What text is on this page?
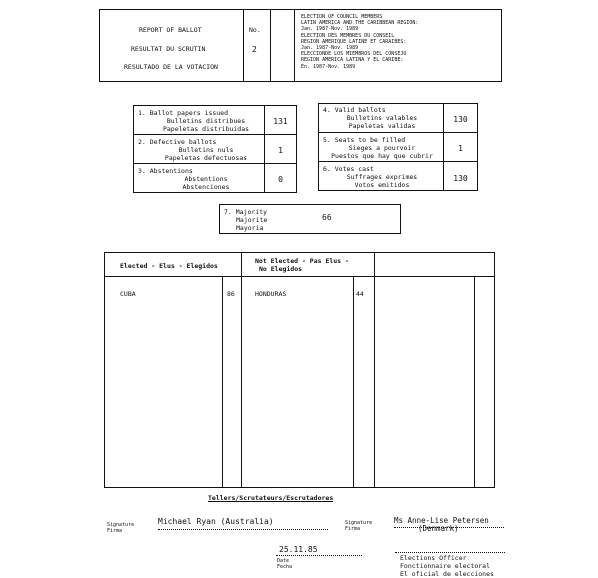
REPORT OF BALLOT
RESULTAT DU SCRUTIN
RESULTADO DE LA VOTACION
No.
2
ELECTION OF COUNCIL MEMBERS
LATIN AMERICA AND THE CARIBBEAN REGION:
Jan. 1987-Nov. 1989
ELECTION DES MEMBRES DU CONSEIL
REGION AMERIQUE LATINE ET CARAIBES:
Jan. 1987-Nov. 1989
ELECCIONDE LOS MIEMBROS DEL CONSEJO
REGION AMERICA LATINA Y EL CARIBE:
En. 1987-Nov. 1989
1. Ballot papers issued
Bulletins distribues
Papeletas distribuidas
131
2. Defective ballots
Bulletins nuls
Papeletas defectuosas
1
3. Abstentions
Abstentions
Abstenciones
0
4. Valid ballots
Bulletins valables
Papeletas validas
130
5. Seats to be filled
Sieges a pourvoir
Puestos que hay que cubrir
1
6. Votes cast
Suffrages exprimes
Votos emitidos
130
7. Majority
Majorite
Mayoria
66
Elected - Elus - Elegidos
Not Elected - Pas Elus -
No Elegidos
CUBA	86	HONDURAS	44
Tellers/Scrutateurs/Escrutadores
Signature
Firma
Michael Ryan (Australia)	Signature
Firma
Ms Anne-Lise Petersen
(Denmark)
25.11.85
Date
Fecha
Elections Officer
Fonctionnaire electoral
El oficial de elecciones
